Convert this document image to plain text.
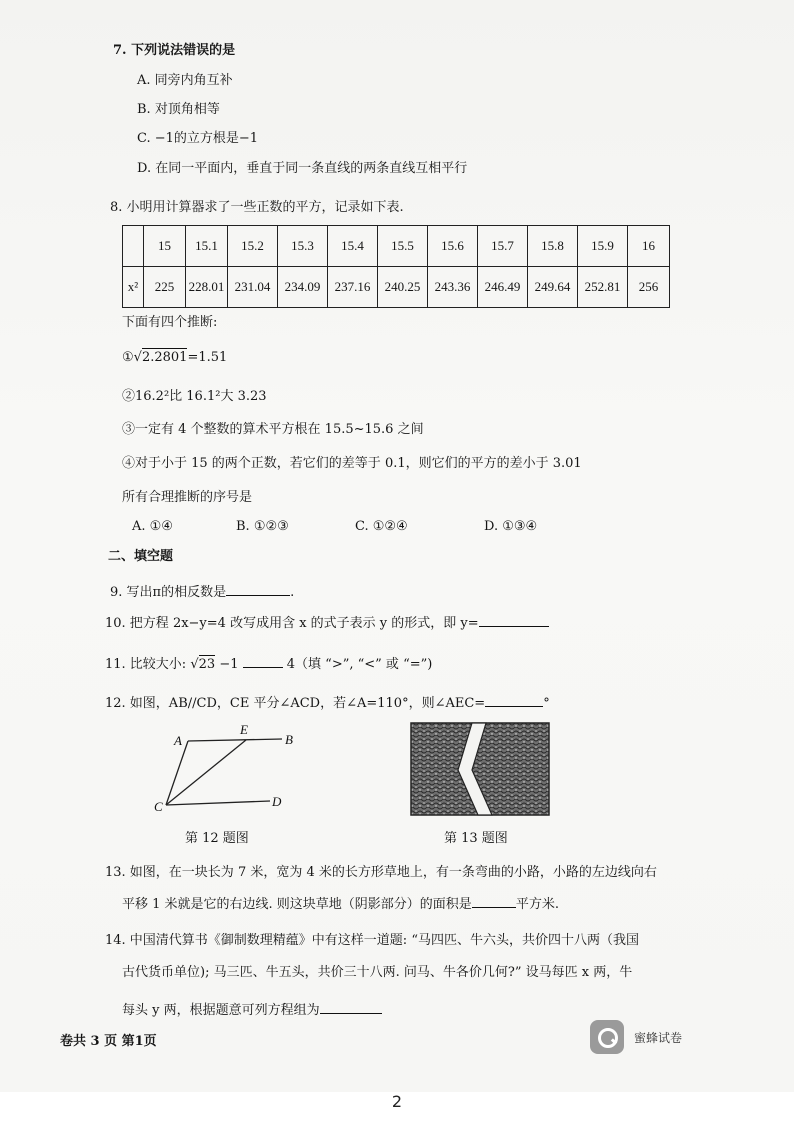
7. 下列说法错误的是
A. 同旁内角互补
B. 对顶角相等
C. −1的立方根是−1
D. 在同一平面内，垂直于同一条直线的两条直线互相平行
8. 小明用计算器求了一些正数的平方，记录如下表.
	15	15.1	15.2	15.3	15.4	15.5	15.6	15.7	15.8	15.9	16
x²	225	228.01	231.04	234.09	237.16	240.25	243.36	246.49	249.64	252.81	256
下面有四个推断:
①√2.2801=1.51
②16.2²比 16.1²大 3.23
③一定有 4 个整数的算术平方根在 15.5~15.6 之间
④对于小于 15 的两个正数，若它们的差等于 0.1，则它们的平方的差小于 3.01
所有合理推断的序号是
A. ①④	B. ①②③	C. ①②④	D. ①③④
二、填空题
9. 写出π的相反数是	.
10. 把方程 2x−y=4 改写成用含 x 的式子表示 y 的形式，即 y=
11. 比较大小: √23 −1	4（填 “>”, “<” 或 “=”)
12. 如图，AB//CD，CE 平分∠ACD，若∠A=110°，则∠AEC=	°
A
E
B
C	D
第 12 题图	第 13 题图
13. 如图，在一块长为 7 米，宽为 4 米的长方形草地上，有一条弯曲的小路，小路的左边线向右
平移 1 米就是它的右边线. 则这块草地（阴影部分）的面积是	平方米.
14. 中国清代算书《御制数理精蕴》中有这样一道题: “马四匹、牛六头，共价四十八两（我国
古代货币单位); 马三匹、牛五头，共价三十八两. 问马、牛各价几何?” 设马每匹 x 两，牛
每头 y 两，根据题意可列方程组为
卷共 3 页 第1页	蜜蜂试卷
2
